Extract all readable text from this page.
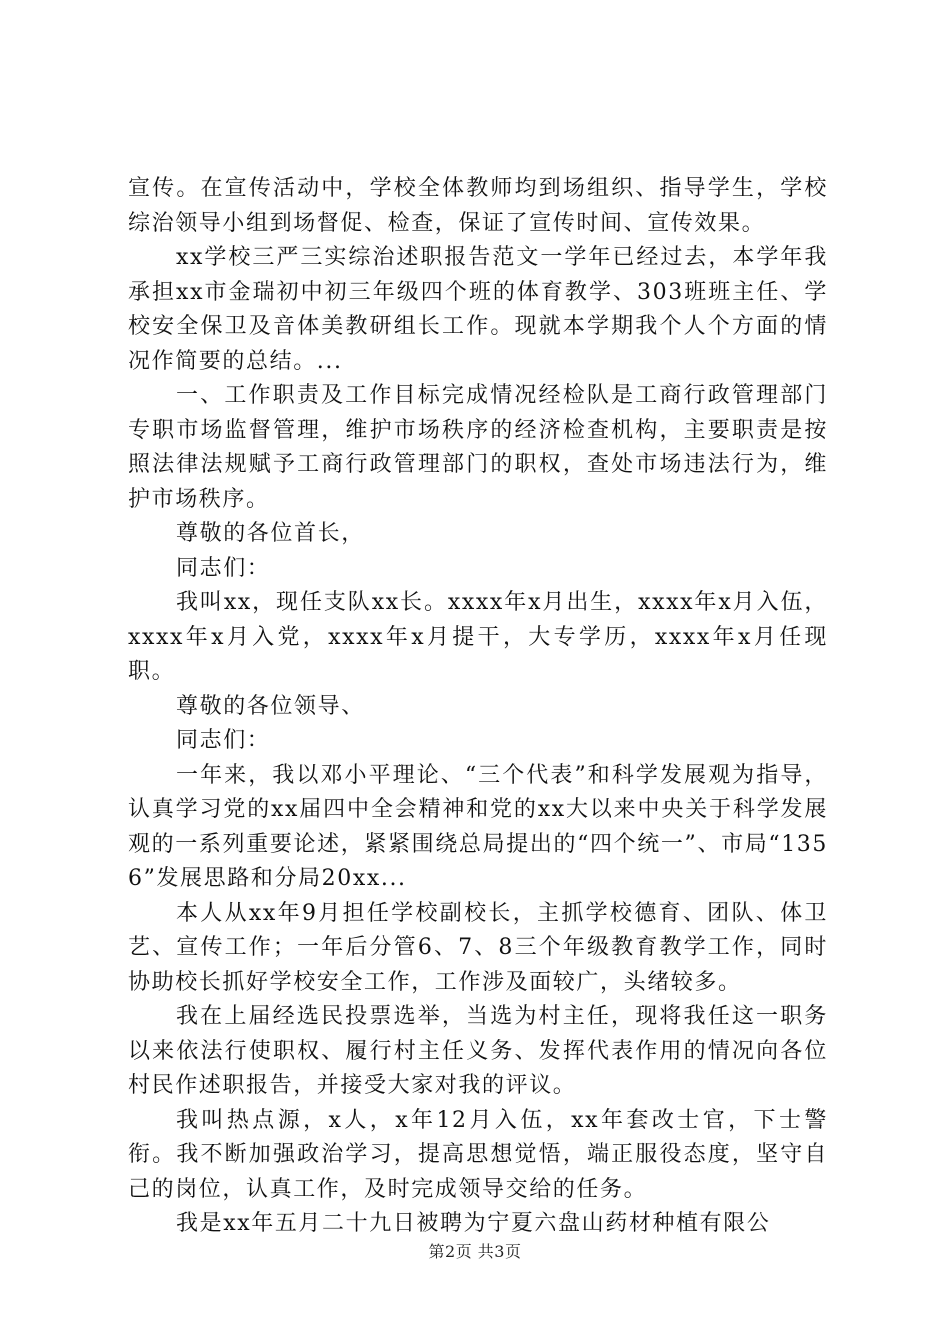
宣传。在宣传活动中，学校全体教师均到场组织、指导学生，学校综治领导小组到场督促、检查，保证了宣传时间、宣传效果。

xx学校三严三实综治述职报告范文一学年已经过去，本学年我承担xx市金瑞初中初三年级四个班的体育教学、303班班主任、学校安全保卫及音体美教研组长工作。现就本学期我个人个方面的情况作简要的总结。...

一、工作职责及工作目标完成情况经检队是工商行政管理部门专职市场监督管理，维护市场秩序的经济检查机构，主要职责是按照法律法规赋予工商行政管理部门的职权，查处市场违法行为，维护市场秩序。

尊敬的各位首长，

同志们：

我叫xx，现任支队xx长。xxxx年x月出生，xxxx年x月入伍，xxxx年x月入党，xxxx年x月提干，大专学历，xxxx年x月任现职。

尊敬的各位领导、

同志们：

一年来，我以邓小平理论、“三个代表”和科学发展观为指导，认真学习党的xx届四中全会精神和党的xx大以来中央关于科学发展观的一系列重要论述，紧紧围绕总局提出的“四个统一”、市局“1356”发展思路和分局20xx...

本人从xx年9月担任学校副校长，主抓学校德育、团队、体卫艺、宣传工作；一年后分管6、7、8三个年级教育教学工作，同时协助校长抓好学校安全工作，工作涉及面较广，头绪较多。

我在上届经选民投票选举，当选为村主任，现将我任这一职务以来依法行使职权、履行村主任义务、发挥代表作用的情况向各位村民作述职报告，并接受大家对我的评议。

我叫热点源，x人，x年12月入伍，xx年套改士官，下士警衔。我不断加强政治学习，提高思想觉悟，端正服役态度，坚守自己的岗位，认真工作，及时完成领导交给的任务。

我是xx年五月二十九日被聘为宁夏六盘山药材种植有限公

第2页 共3页
